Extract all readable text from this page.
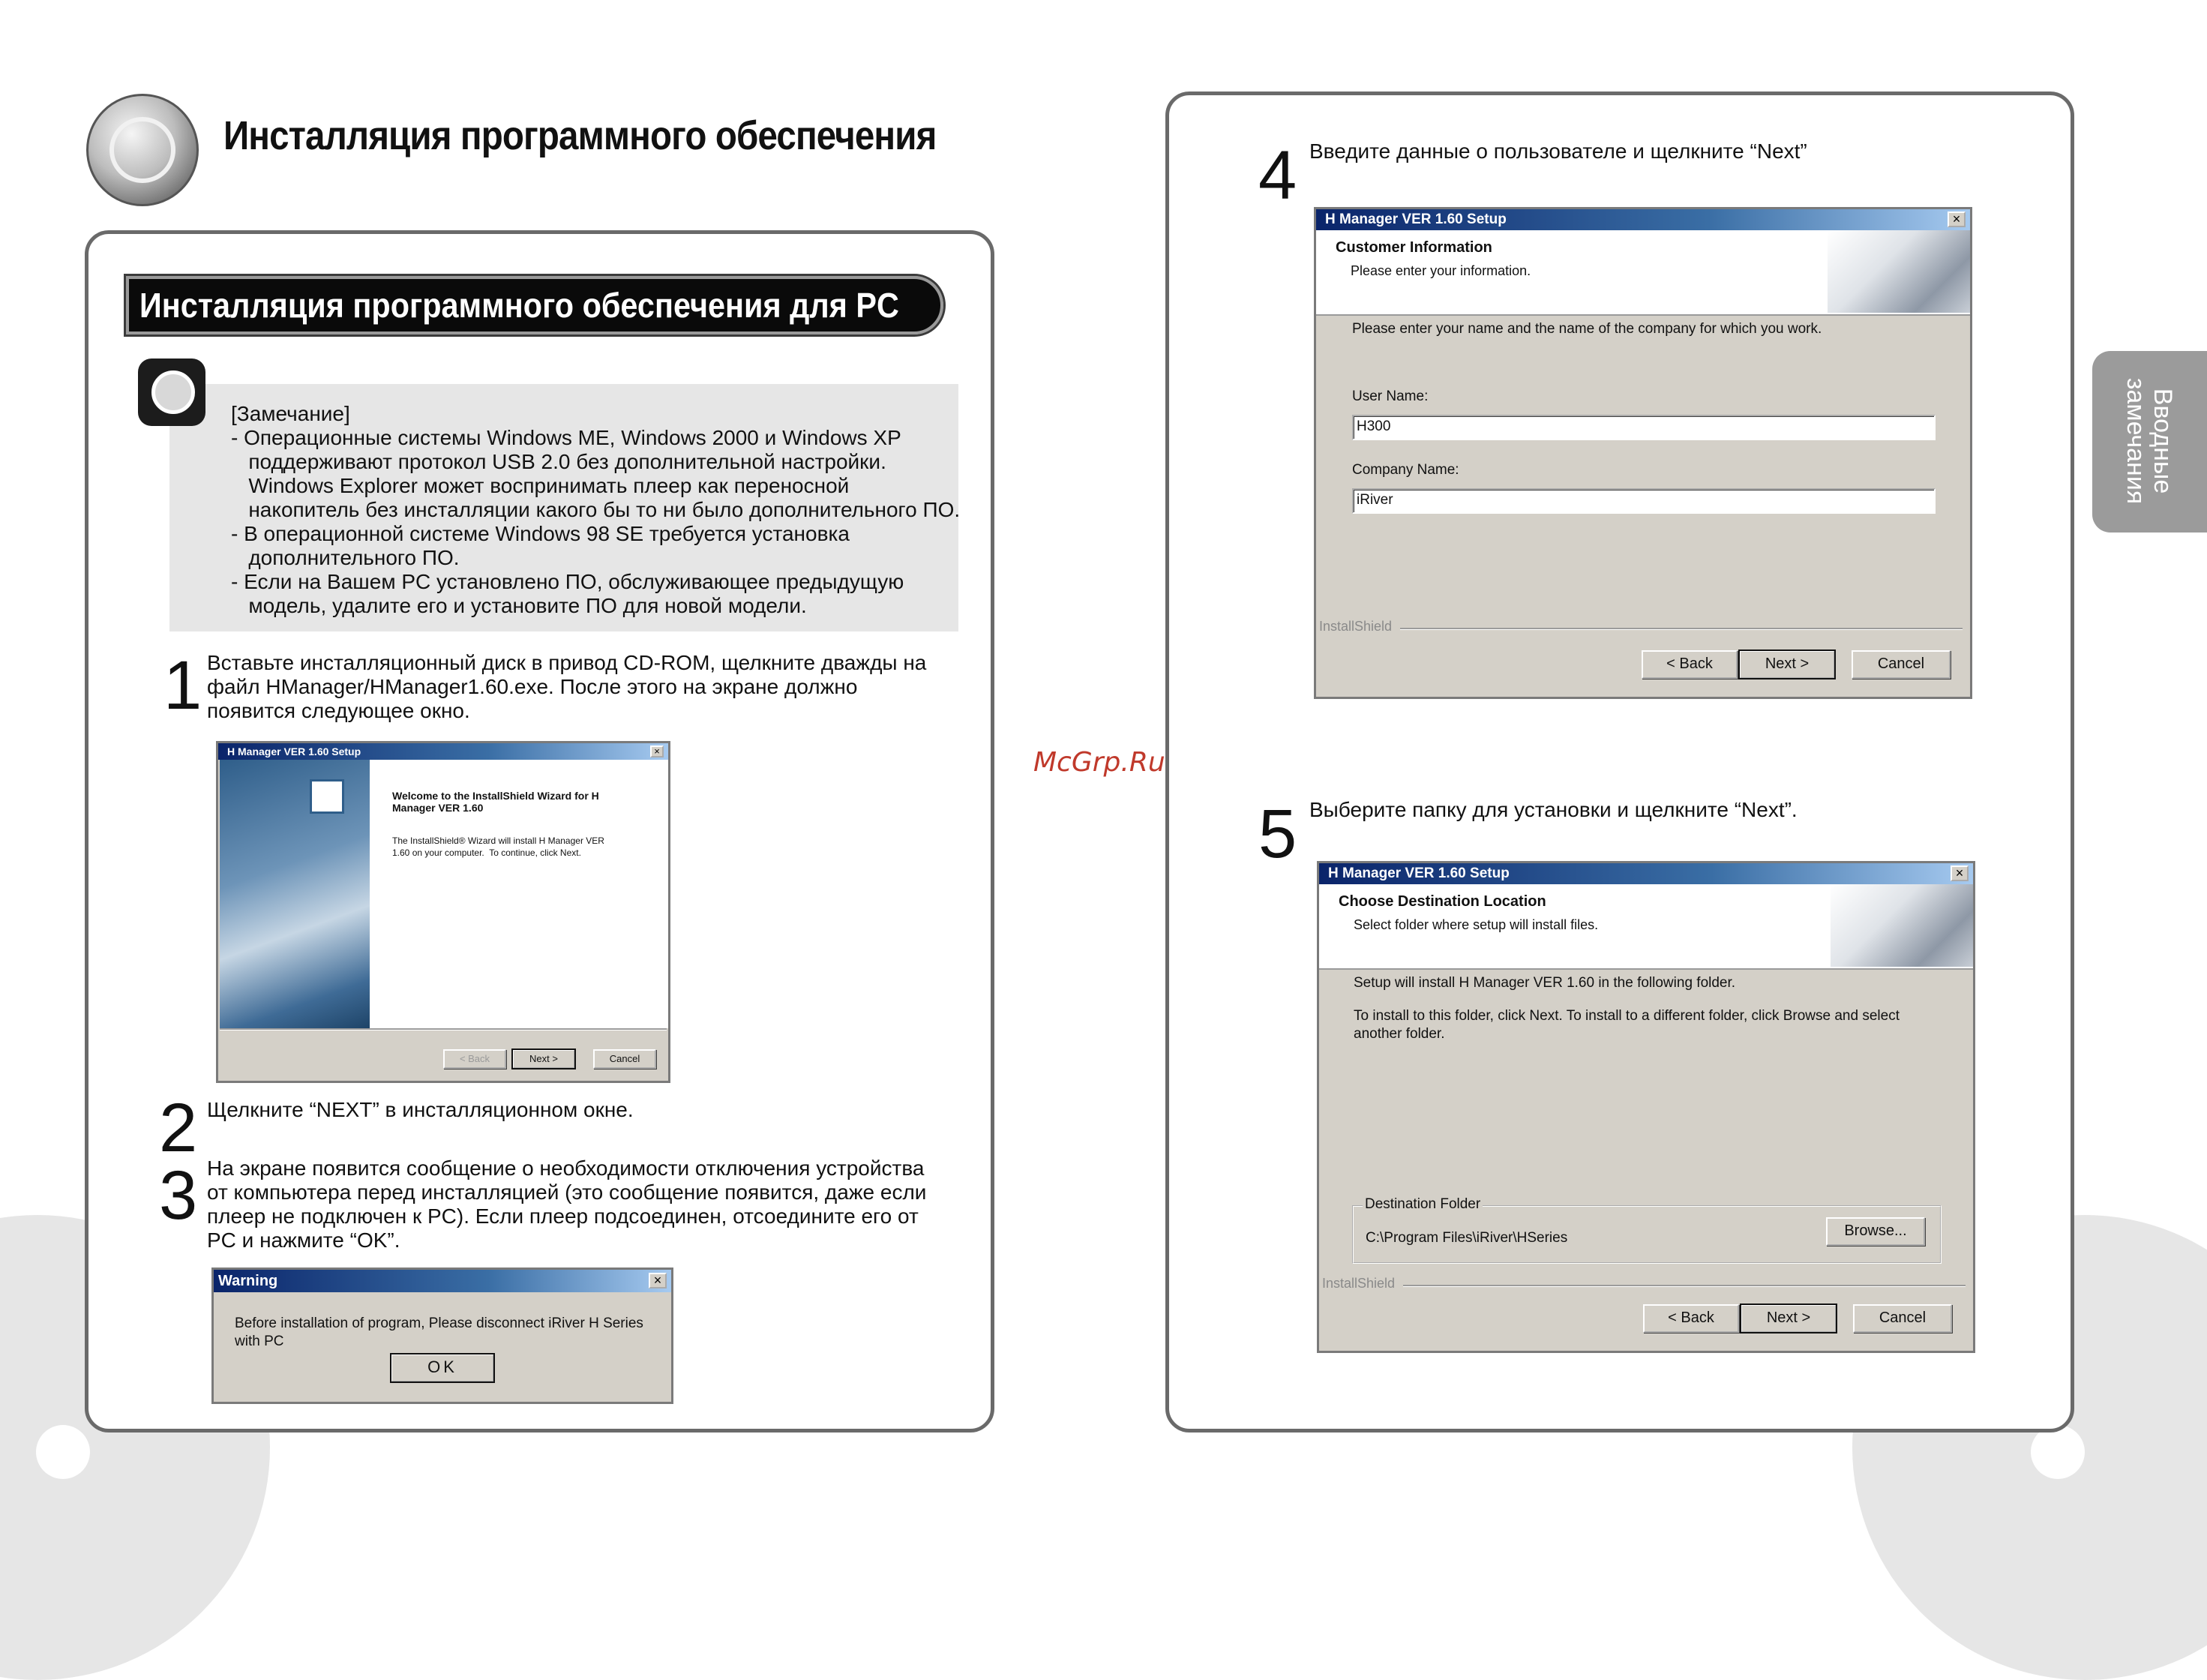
Инсталляция программного обеспечения
Инсталляция программного обеспечения для PC
[Замечание]
- Операционные системы Windows ME, Windows 2000 и Windows XP
поддерживают протокол USB 2.0 без дополнительной настройки.
Windows Explorer может воспринимать плеер как переносной
накопитель без инсталляции какого бы то ни было дополнительного ПО.
- В операционной системе Windows 98 SE требуется установка
дополнительного ПО.
- Если на Вашем PC установлено ПО, обслуживающее предыдущую
модель, удалите его и установите ПО для новой модели.
1 Вставьте инсталляционный диск в привод CD-ROM, щелкните дважды на
файл HManager/HManager1.60.exe. После этого на экране должно
появится следующее окно.
H Manager VER 1.60 Setup	×
Welcome to the InstallShield Wizard for H
Manager VER 1.60
The InstallShield® Wizard will install H Manager VER
1.60 on your computer.  To continue, click Next.
< Back	Next >	Cancel
2 Щелкните “NEXT” в инсталляционном окне.
3 На экране появится сообщение о необходимости отключения устройства
от компьютера перед инсталляцией (это сообщение появится, даже если
плеер не подключен к PC). Если плеер подсоединен, отсоедините его от
PC и нажмите “OK”.
Warning	×
Before installation of program, Please disconnect iRiver H Series
with PC
OK
4 Введите данные о пользователе и щелкните “Next”
H Manager VER 1.60 Setup	×
Customer Information
Please enter your information.
Please enter your name and the name of the company for which you work.
User Name:
H300
Company Name:
iRiver
InstallShield
< Back	Next >	Cancel
McGrp.Ru
5 Выберите папку для установки и щелкните “Next”.
H Manager VER 1.60 Setup	×
Choose Destination Location
Select folder where setup will install files.
Setup will install H Manager VER 1.60 in the following folder.
To install to this folder, click Next. To install to a different folder, click Browse and select
another folder.
Destination Folder
C:\Program Files\iRiver\HSeries	Browse...
InstallShield
< Back	Next >	Cancel
Вводные
замечания
